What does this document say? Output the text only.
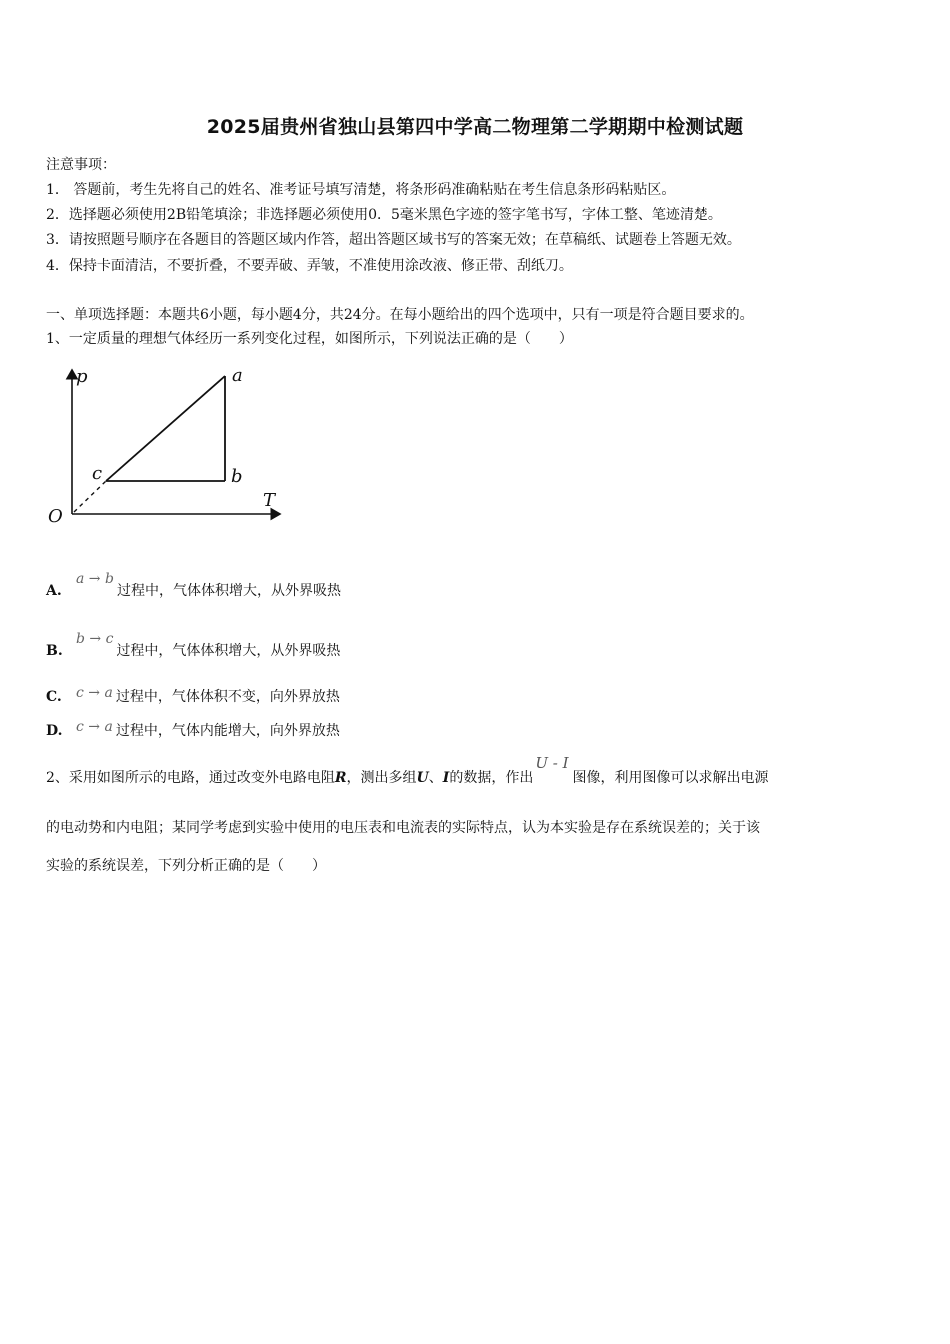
2025届贵州省独山县第四中学高二物理第二学期期中检测试题
注意事项：
1． 答题前，考生先将自己的姓名、准考证号填写清楚，将条形码准确粘贴在考生信息条形码粘贴区。
2．选择题必须使用2B铅笔填涂；非选择题必须使用0．5毫米黑色字迹的签字笔书写，字体工整、笔迹清楚。
3．请按照题号顺序在各题目的答题区域内作答，超出答题区域书写的答案无效；在草稿纸、试题卷上答题无效。
4．保持卡面清洁，不要折叠，不要弄破、弄皱，不准使用涂改液、修正带、刮纸刀。
一、单项选择题：本题共6小题，每小题4分，共24分。在每小题给出的四个选项中，只有一项是符合题目要求的。
1、一定质量的理想气体经历一系列变化过程，如图所示，下列说法正确的是（　　）
p
T
O
a
b
c
A.a → b过程中，气体体积增大，从外界吸热
B.b → c过程中，气体体积增大，从外界吸热
C. c → a 过程中，气体体积不变，向外界放热
D. c → a 过程中，气体内能增大，向外界放热
2、采用如图所示的电路，通过改变外电路电阻R，测出多组U、I的数据，作出U - I图像，利用图像可以求解出电源
的电动势和内电阻；某同学考虑到实验中使用的电压表和电流表的实际特点，认为本实验是存在系统误差的；关于该
实验的系统误差，下列分析正确的是（　　）
